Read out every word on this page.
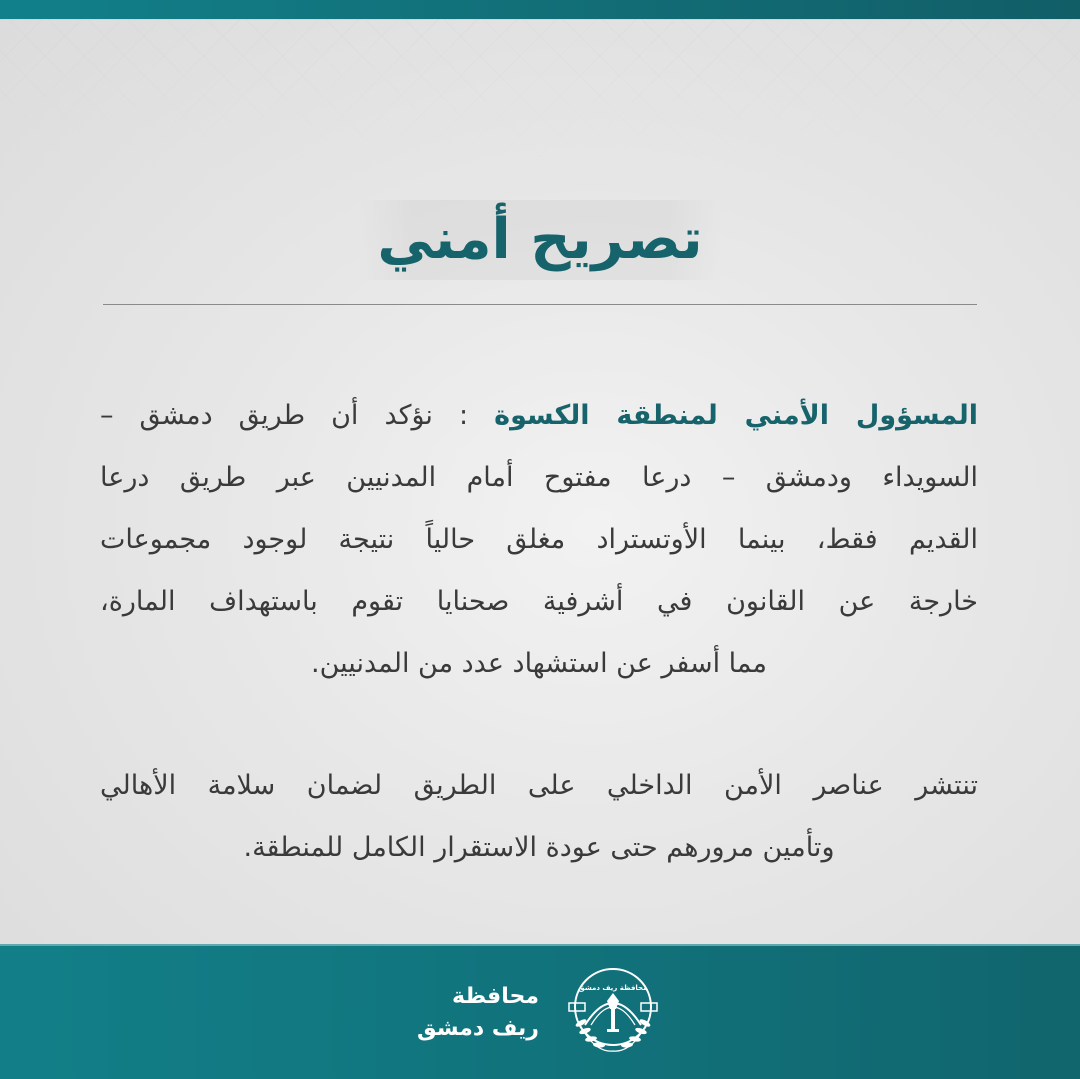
تصريح أمني
المسؤول الأمني لمنطقة الكسوة : نؤكد أن طريق دمشق –
السويداء ودمشق – درعا مفتوح أمام المدنيين عبر طريق درعا
القديم فقط، بينما الأوتستراد مغلق حالياً نتيجة لوجود مجموعات
خارجة عن القانون في أشرفية صحنايا تقوم باستهداف المارة،
مما أسفر عن استشهاد عدد من المدنيين.
تنتشر عناصر الأمن الداخلي على الطريق لضمان سلامة الأهالي
وتأمين مرورهم حتى عودة الاستقرار الكامل للمنطقة.
محافظة ريف دمشق
محافظة
ريف دمشق
